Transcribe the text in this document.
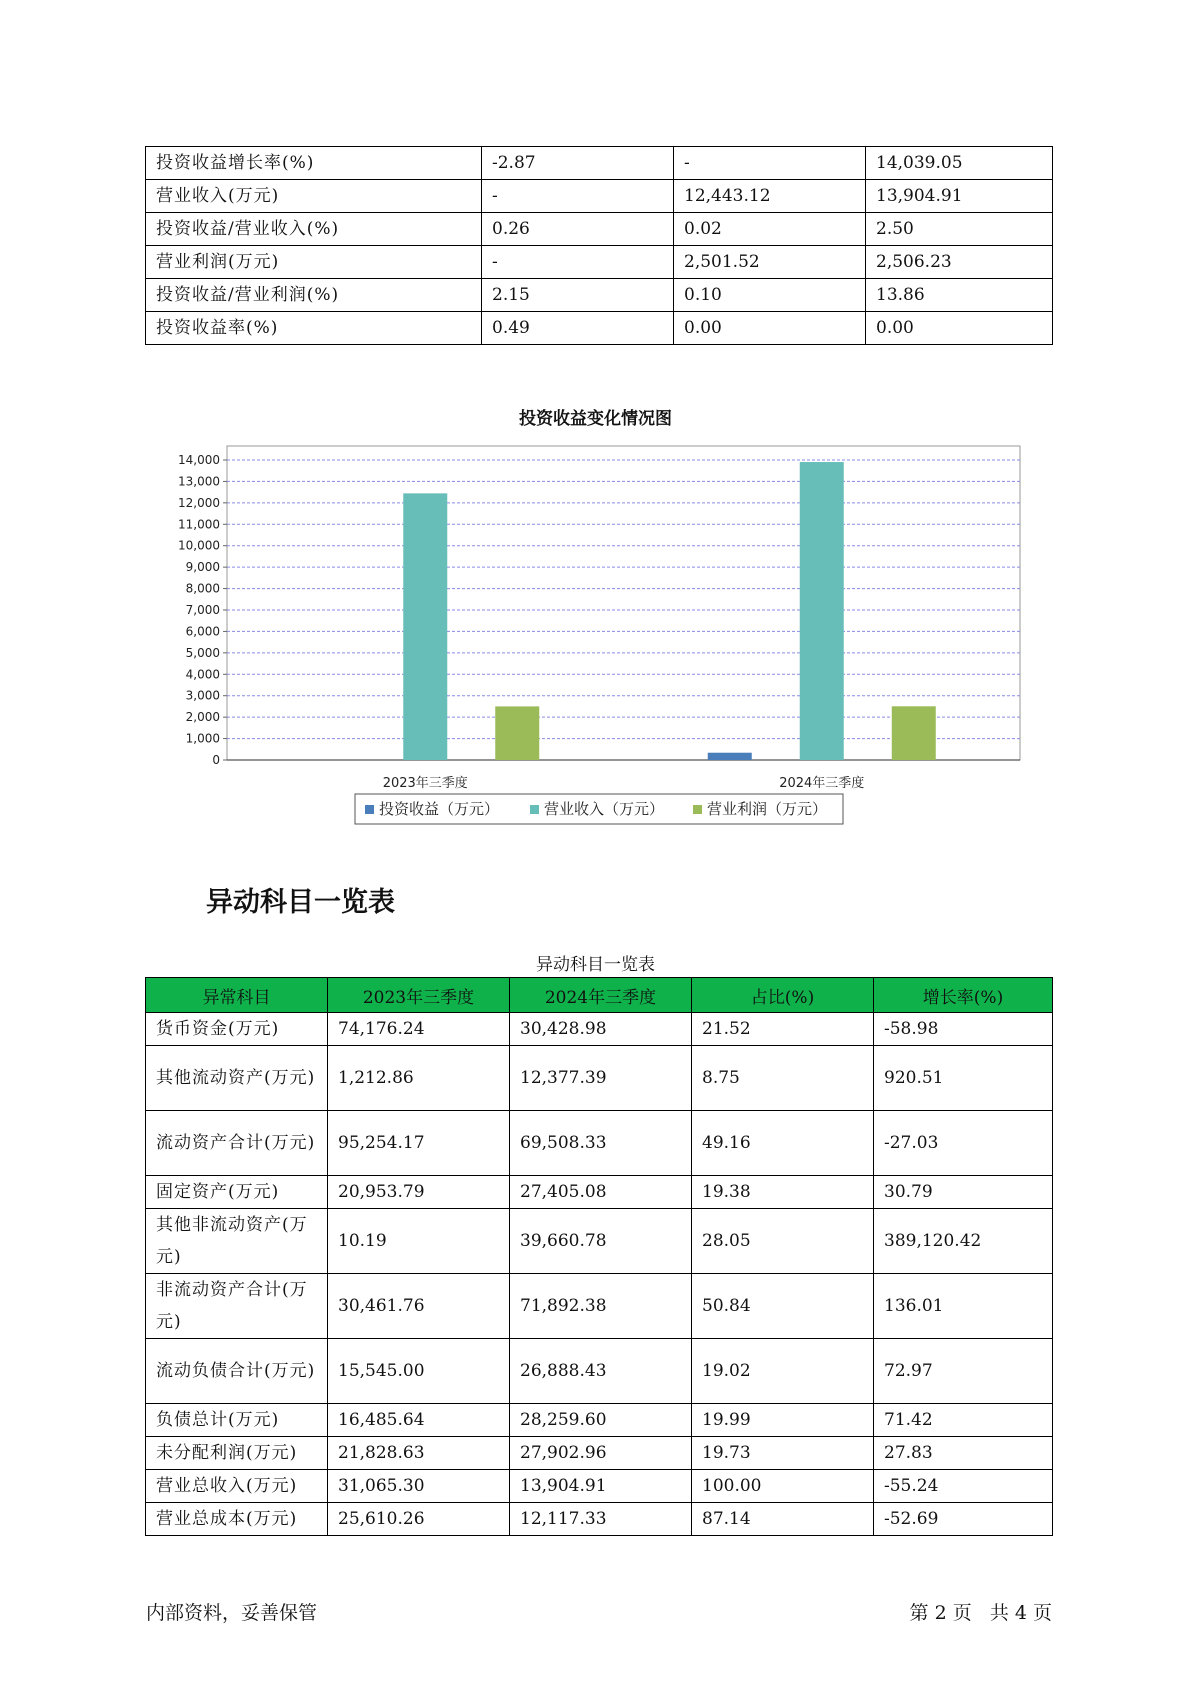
投资收益增长率(%)	-2.87	-	14,039.05
营业收入(万元)	-	12,443.12	13,904.91
投资收益/营业收入(%)	0.26	0.02	2.50
营业利润(万元)	-	2,501.52	2,506.23
投资收益/营业利润(%)	2.15	0.10	13.86
投资收益率(%)	0.49	0.00	0.00
投资收益变化情况图
0
1,000
2,000
3,000
4,000
5,000
6,000
7,000
8,000
9,000
10,000
11,000
12,000
13,000
14,000
2023年三季度	2024年三季度
投资收益（万元）	营业收入（万元）	营业利润（万元）
异动科目一览表
异动科目一览表
异常科目	2023年三季度	2024年三季度	占比(%)	增长率(%)
货币资金(万元)	74,176.24	30,428.98	21.52	-58.98
其他流动资产(万元)	1,212.86	12,377.39	8.75	920.51
流动资产合计(万元)	95,254.17	69,508.33	49.16	-27.03
固定资产(万元)	20,953.79	27,405.08	19.38	30.79
其他非流动资产(万元)	10.19	39,660.78	28.05	389,120.42
非流动资产合计(万元)	30,461.76	71,892.38	50.84	136.01
流动负债合计(万元)	15,545.00	26,888.43	19.02	72.97
负债总计(万元)	16,485.64	28,259.60	19.99	71.42
未分配利润(万元)	21,828.63	27,902.96	19.73	27.83
营业总收入(万元)	31,065.30	13,904.91	100.00	-55.24
营业总成本(万元)	25,610.26	12,117.33	87.14	-52.69
内部资料，妥善保管	第 2 页   共 4 页
